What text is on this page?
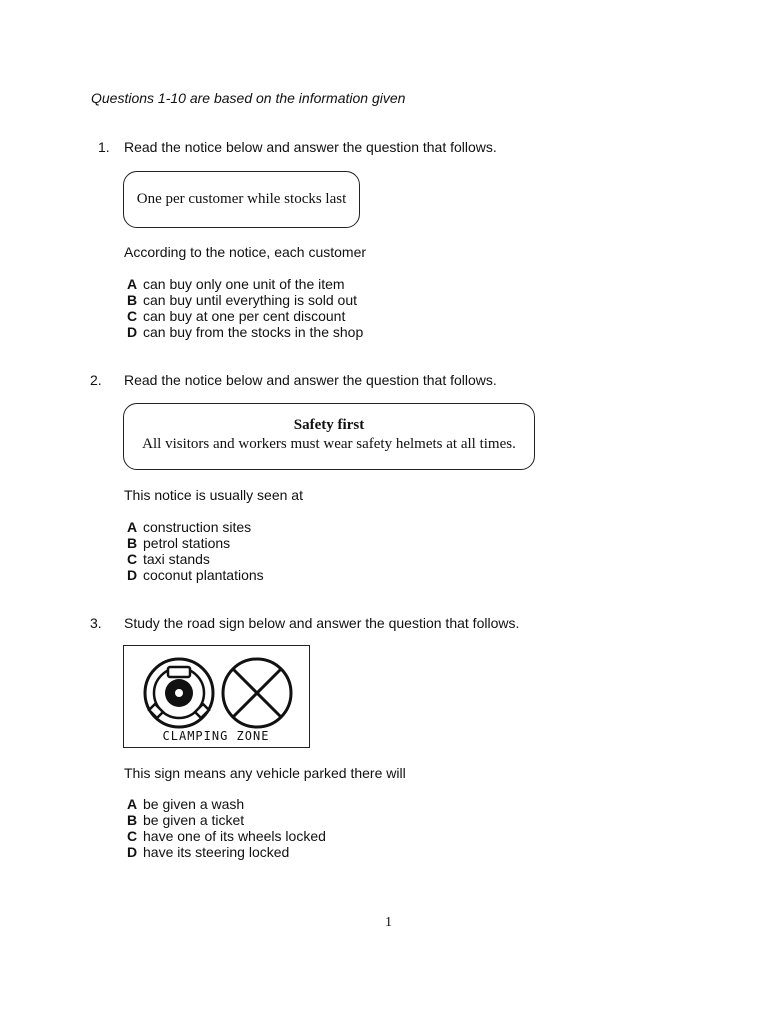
Questions 1-10 are based on the information given
1.	Read the notice below and answer the question that follows.
One per customer while stocks last
According to the notice, each customer
A can buy only one unit of the item
B can buy until everything is sold out
C can buy at one per cent discount
D can buy from the stocks in the shop
2.	Read the notice below and answer the question that follows.
Safety first
All visitors and workers must wear safety helmets at all times.
This notice is usually seen at
A construction sites
B petrol stations
C taxi stands
D coconut plantations
3.	Study the road sign below and answer the question that follows.
CLAMPING ZONE
This sign means any vehicle parked there will
A be given a wash
B be given a ticket
C have one of its wheels locked
D have its steering locked
1
